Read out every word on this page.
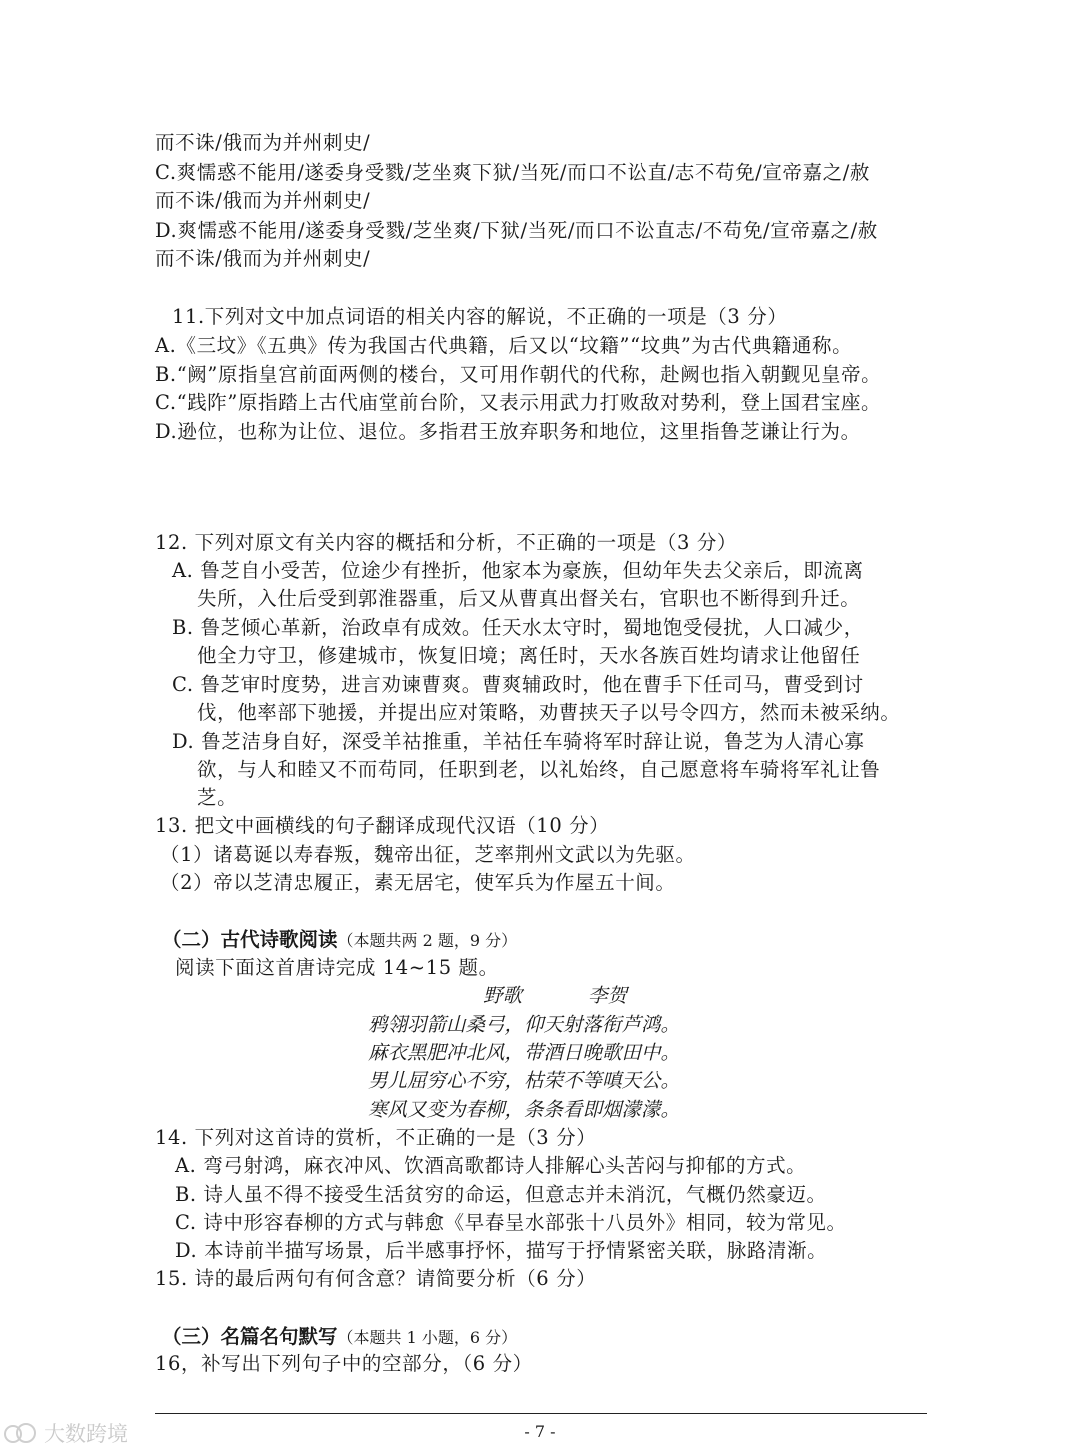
而不诛/俄而为并州刺史/
C.爽懦惑不能用/遂委身受戮/芝坐爽下狱/当死/而口不讼直/志不苟免/宣帝嘉之/赦
而不诛/俄而为并州刺史/
D.爽懦惑不能用/遂委身受戮/芝坐爽/下狱/当死/而口不讼直志/不苟免/宣帝嘉之/赦
而不诛/俄而为并州刺史/
11.下列对文中加点词语的相关内容的解说，不正确的一项是（3 分）
A.《三坟》《五典》传为我国古代典籍，后又以“坟籍”“坟典”为古代典籍通称。
B.“阙”原指皇宫前面两侧的楼台，又可用作朝代的代称，赴阙也指入朝觐见皇帝。
C.“践阼”原指踏上古代庙堂前台阶，又表示用武力打败敌对势利，登上国君宝座。
D.逊位，也称为让位、退位。多指君王放弃职务和地位，这里指鲁芝谦让行为。
12. 下列对原文有关内容的概括和分析，不正确的一项是（3 分）
A. 鲁芝自小受苦，位途少有挫折，他家本为豪族，但幼年失去父亲后，即流离
失所，入仕后受到郭淮器重，后又从曹真出督关右，官职也不断得到升迁。
B. 鲁芝倾心革新，治政卓有成效。任天水太守时，蜀地饱受侵扰，人口减少，
他全力守卫，修建城市，恢复旧境；离任时，天水各族百姓均请求让他留任
C. 鲁芝审时度势，进言劝谏曹爽。曹爽辅政时，他在曹手下任司马，曹受到讨
伐，他率部下驰援，并提出应对策略，劝曹挟天子以号令四方，然而未被采纳。
D. 鲁芝洁身自好，深受羊祜推重，羊祜任车骑将军时辞让说，鲁芝为人清心寡
欲，与人和睦又不而苟同，任职到老，以礼始终，自己愿意将车骑将军礼让鲁
芝。
13. 把文中画横线的句子翻译成现代汉语（10 分）
（1）诸葛诞以寿春叛，魏帝出征，芝率荆州文武以为先驱。
（2）帝以芝清忠履正，素无居宅，使军兵为作屋五十间。
（二）古代诗歌阅读（本题共两 2 题，9 分）
阅读下面这首唐诗完成 14~15 题。
野歌	李贺
鸦翎羽箭山桑弓，仰天射落衔芦鸿。
麻衣黑肥冲北风，带酒日晚歌田中。
男儿屈穷心不穷，枯荣不等嗔天公。
寒风又变为春柳，条条看即烟濛濛。
14. 下列对这首诗的赏析，不正确的一是（3 分）
A. 弯弓射鸿，麻衣冲风、饮酒高歌都诗人排解心头苦闷与抑郁的方式。
B. 诗人虽不得不接受生活贫穷的命运，但意志并未消沉，气概仍然豪迈。
C. 诗中形容春柳的方式与韩愈《早春呈水部张十八员外》相同，较为常见。
D. 本诗前半描写场景，后半感事抒怀，描写于抒情紧密关联，脉路清渐。
15. 诗的最后两句有何含意？请简要分析（6 分）
（三）名篇名句默写（本题共 1 小题，6 分）
16，补写出下列句子中的空部分，（6 分）
- 7 -
大数跨境
